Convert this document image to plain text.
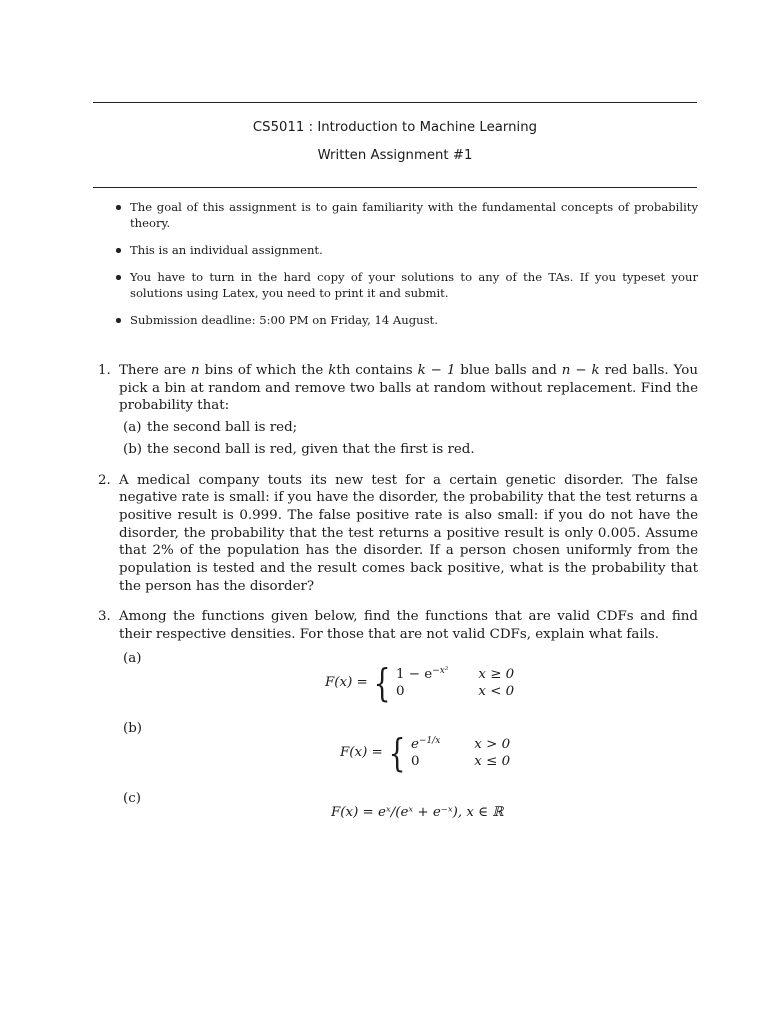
CS5011 : Introduction to Machine Learning
Written Assignment #1
The goal of this assignment is to gain familiarity with the fundamental concepts of probability theory.
This is an individual assignment.
You have to turn in the hard copy of your solutions to any of the TAs. If you typeset your solutions using Latex, you need to print it and submit.
Submission deadline: 5:00 PM on Friday, 14 August.
1. There are n bins of which the kth contains k − 1 blue balls and n − k red balls. You pick a bin at random and remove two balls at random without replacement. Find the probability that:
(a) the second ball is red;
(b) the second ball is red, given that the first is red.
2. A medical company touts its new test for a certain genetic disorder. The false negative rate is small: if you have the disorder, the probability that the test returns a positive result is 0.999. The false positive rate is also small: if you do not have the disorder, the probability that the test returns a positive result is only 0.005. Assume that 2% of the population has the disorder. If a person chosen uniformly from the population is tested and the result comes back positive, what is the probability that the person has the disorder?
3. Among the functions given below, find the functions that are valid CDFs and find their respective densities. For those that are not valid CDFs, explain what fails.
(a)
F(x) = { $1 - e^{-x^2}$ x ≥ 0
0	x < 0
(b)
F(x) = { $e^{-1/x}$	x > 0
0	x ≤ 0
(c)
F(x) = eˣ/(eˣ + e⁻ˣ), x ∈ ℝ
